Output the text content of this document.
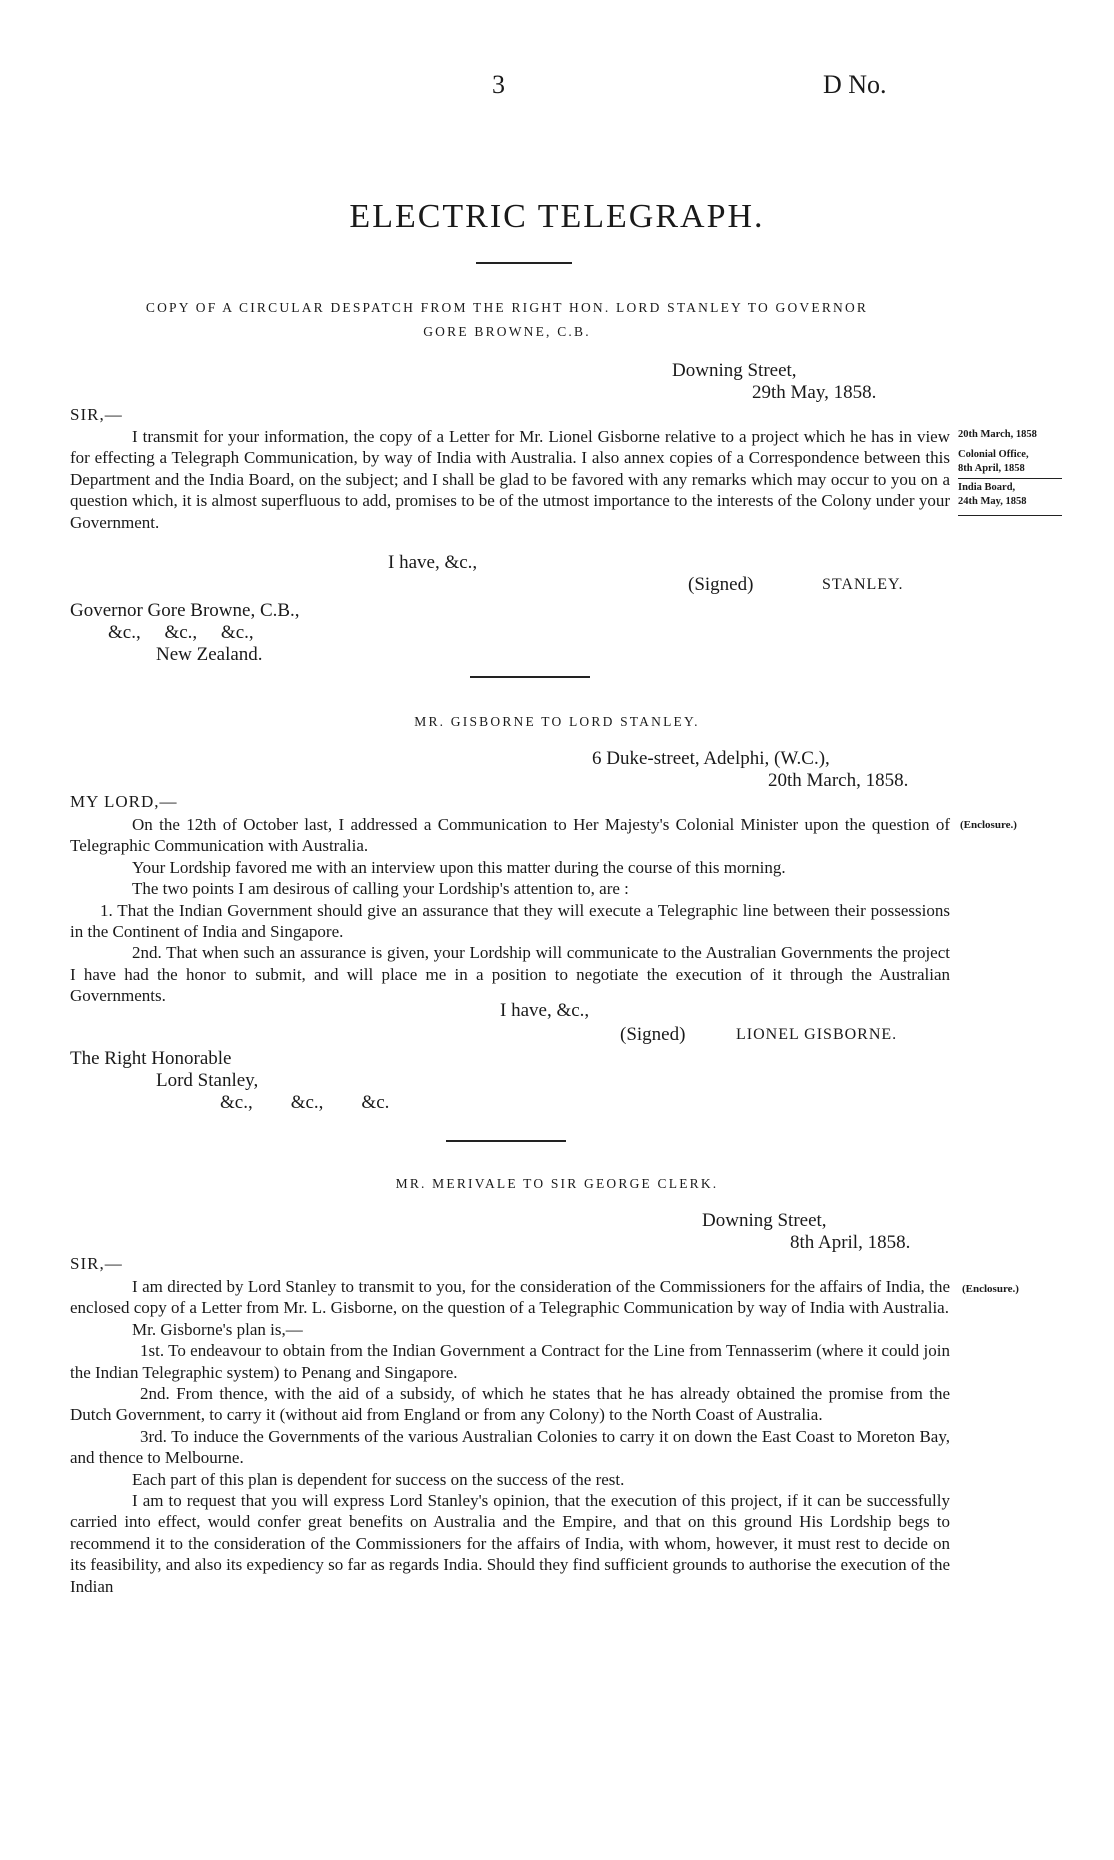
3	D No.
ELECTRIC TELEGRAPH.
COPY OF A CIRCULAR DESPATCH FROM THE RIGHT HON. LORD STANLEY TO GOVERNOR
GORE BROWNE, C.B.
Downing Street,
29th May, 1858.
SIR,—

I transmit for your information, the copy of a Letter for Mr. Lionel Gisborne relative to a project which he has in view for effecting a Telegraph Communication, by way of India with Australia. I also annex copies of a Correspondence between this Department and the India Board, on the subject; and I shall be glad to be favored with any remarks which may occur to you on a question which, it is almost superfluous to add, promises to be of the utmost importance to the interests of the Colony under your Government.

20th March, 1858
Colonial Office,
8th April, 1858
India Board,
24th May, 1858
I have, &c.,
(Signed)	STANLEY.
Governor Gore Browne, C.B.,
&c.,     &c.,     &c.,
New Zealand.
MR. GISBORNE TO LORD STANLEY.
6 Duke-street, Adelphi, (W.C.),
20th March, 1858.
MY LORD,—

On the 12th of October last, I addressed a Communication to Her Majesty's Colonial Minister upon the question of Telegraphic Communication with Australia.

Your Lordship favored me with an interview upon this matter during the course of this morning.

The two points I am desirous of calling your Lordship's attention to, are :

1. That the Indian Government should give an assurance that they will execute a Telegraphic line between their possessions in the Continent of India and Singapore.

2nd. That when such an assurance is given, your Lordship will communicate to the Australian Governments the project I have had the honor to submit, and will place me in a position to negotiate the execution of it through the Australian Governments.

(Enclosure.)
I have, &c.,
(Signed)	LIONEL GISBORNE.
The Right Honorable
Lord Stanley,
&c.,        &c.,        &c.
MR. MERIVALE TO SIR GEORGE CLERK.
Downing Street,
8th April, 1858.
SIR,—

I am directed by Lord Stanley to transmit to you, for the consideration of the Commissioners for the affairs of India, the enclosed copy of a Letter from Mr. L. Gisborne, on the question of a Telegraphic Communication by way of India with Australia.

Mr. Gisborne's plan is,—

1st. To endeavour to obtain from the Indian Government a Contract for the Line from Tennasserim (where it could join the Indian Telegraphic system) to Penang and Singapore.

2nd. From thence, with the aid of a subsidy, of which he states that he has already obtained the promise from the Dutch Government, to carry it (without aid from England or from any Colony) to the North Coast of Australia.

3rd. To induce the Governments of the various Australian Colonies to carry it on down the East Coast to Moreton Bay, and thence to Melbourne.

Each part of this plan is dependent for success on the success of the rest.

I am to request that you will express Lord Stanley's opinion, that the execution of this project, if it can be successfully carried into effect, would confer great benefits on Australia and the Empire, and that on this ground His Lordship begs to recommend it to the consideration of the Commissioners for the affairs of India, with whom, however, it must rest to decide on its feasibility, and also its expediency so far as regards India. Should they find sufficient grounds to authorise the execution of the Indian

(Enclosure.)
